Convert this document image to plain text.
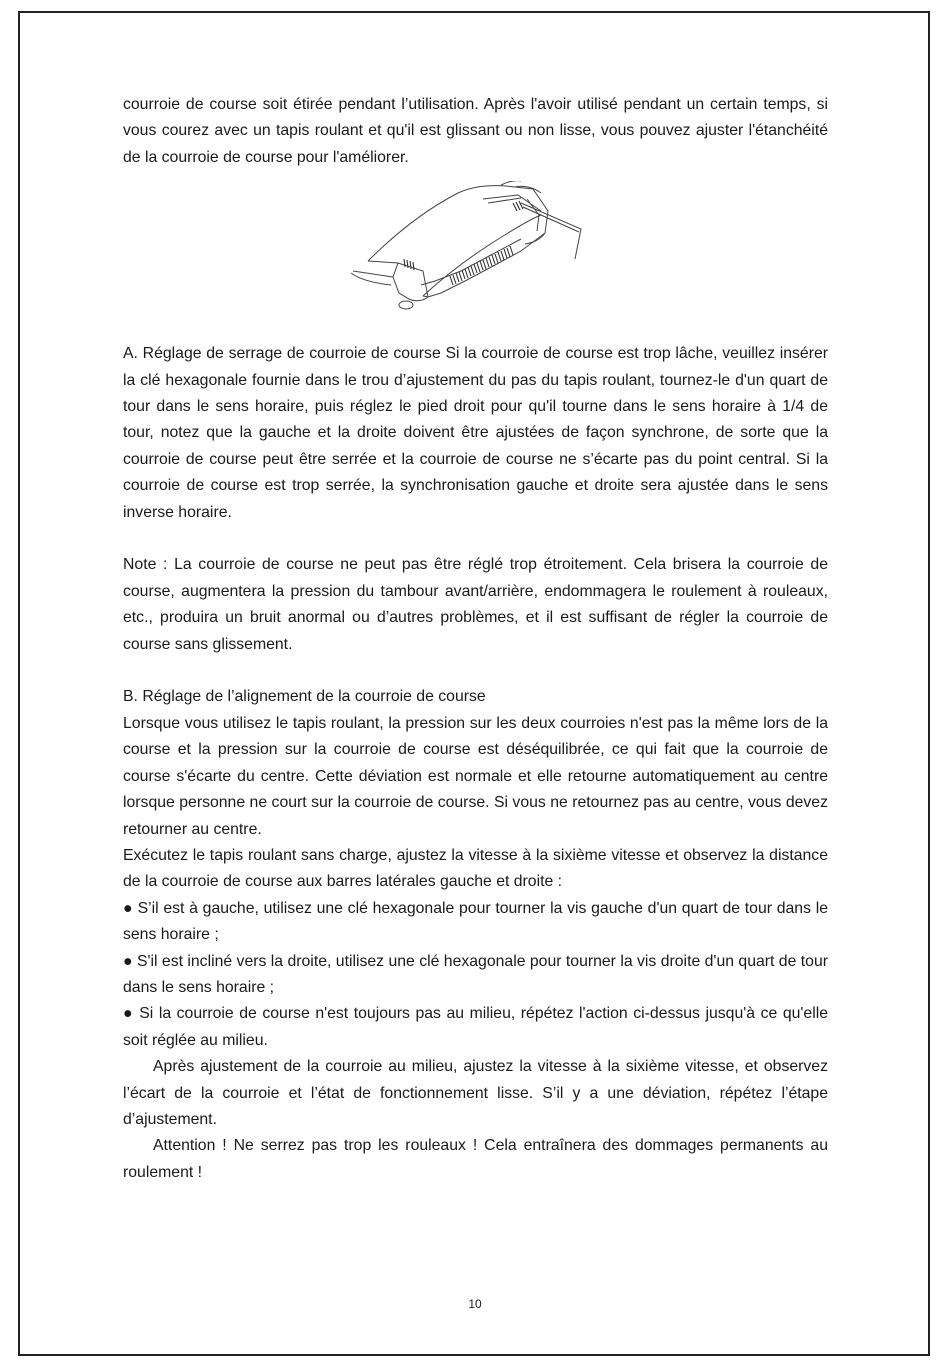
courroie de course soit étirée pendant l’utilisation. Après l'avoir utilisé pendant un certain temps, si vous courez avec un tapis roulant et qu'il est glissant ou non lisse, vous pouvez ajuster l'étanchéité de la courroie de course pour l'améliorer.

A. Réglage de serrage de courroie de course Si la courroie de course est trop lâche, veuillez insérer la clé hexagonale fournie dans le trou d’ajustement du pas du tapis roulant, tournez-le d'un quart de tour dans le sens horaire, puis réglez le pied droit pour qu'il tourne dans le sens horaire à 1/4 de tour, notez que la gauche et la droite doivent être ajustées de façon synchrone, de sorte que la courroie de course peut être serrée et la courroie de course ne s’écarte pas du point central. Si la courroie de course est trop serrée, la synchronisation gauche et droite sera ajustée dans le sens inverse horaire.

Note : La courroie de course ne peut pas être réglé trop étroitement. Cela brisera la courroie de course, augmentera la pression du tambour avant/arrière, endommagera le roulement à rouleaux, etc., produira un bruit anormal ou d’autres problèmes, et il est suffisant de régler la courroie de course sans glissement.

B. Réglage de l’alignement de la courroie de course

Lorsque vous utilisez le tapis roulant, la pression sur les deux courroies n'est pas la même lors de la course et la pression sur la courroie de course est déséquilibrée, ce qui fait que la courroie de course s'écarte du centre. Cette déviation est normale et elle retourne automatiquement au centre lorsque personne ne court sur la courroie de course. Si vous ne retournez pas au centre, vous devez retourner au centre.

Exécutez le tapis roulant sans charge, ajustez la vitesse à la sixième vitesse et observez la distance de la courroie de course aux barres latérales gauche et droite :

● S’il est à gauche, utilisez une clé hexagonale pour tourner la vis gauche d'un quart de tour dans le sens horaire ;

● S'il est incliné vers la droite, utilisez une clé hexagonale pour tourner la vis droite d'un quart de tour dans le sens horaire ;

● Si la courroie de course n'est toujours pas au milieu, répétez l'action ci-dessus jusqu'à ce qu'elle soit réglée au milieu.

Après ajustement de la courroie au milieu, ajustez la vitesse à la sixième vitesse, et observez l’écart de la courroie et l’état de fonctionnement lisse. S’il y a une déviation, répétez l’étape d’ajustement.

Attention ! Ne serrez pas trop les rouleaux ! Cela entraînera des dommages permanents au roulement !

10
